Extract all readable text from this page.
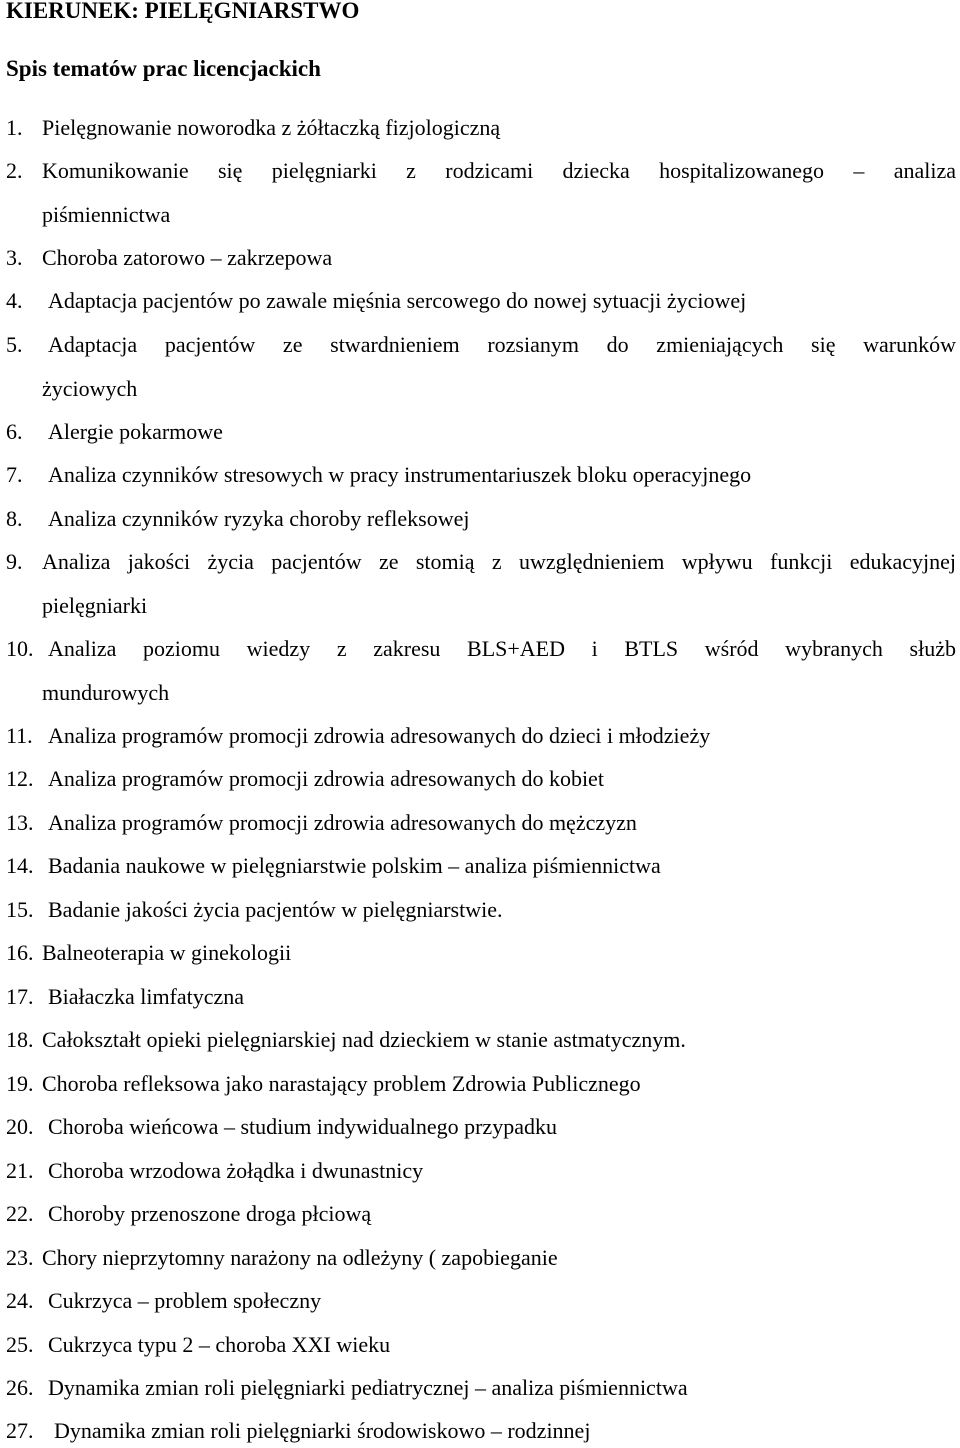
KIERUNEK: PIELĘGNIARSTWO
Spis tematów prac licencjackich
1. Pielęgnowanie noworodka z żółtaczką fizjologiczną
2. Komunikowanie się pielęgniarki z rodzicami dziecka hospitalizowanego – analiza
piśmiennictwa
3. Choroba zatorowo – zakrzepowa
4. Adaptacja pacjentów po zawale mięśnia sercowego do nowej sytuacji życiowej
5. Adaptacja pacjentów ze stwardnieniem rozsianym do zmieniających się warunków
życiowych
6. Alergie pokarmowe
7. Analiza czynników stresowych w pracy instrumentariuszek bloku operacyjnego
8. Analiza czynników ryzyka choroby refleksowej
9. Analiza jakości życia pacjentów ze stomią z uwzględnieniem wpływu funkcji edukacyjnej
pielęgniarki
10. Analiza poziomu wiedzy z zakresu BLS+AED i BTLS wśród wybranych służb
mundurowych
11. Analiza programów promocji zdrowia adresowanych do dzieci i młodzieży
12. Analiza programów promocji zdrowia adresowanych do kobiet
13. Analiza programów promocji zdrowia adresowanych do mężczyzn
14. Badania naukowe w pielęgniarstwie polskim – analiza piśmiennictwa
15. Badanie jakości życia pacjentów w pielęgniarstwie.
16. Balneoterapia w ginekologii
17. Białaczka limfatyczna
18. Całokształt opieki pielęgniarskiej nad dzieckiem w stanie astmatycznym.
19. Choroba refleksowa jako narastający problem Zdrowia Publicznego
20. Choroba wieńcowa – studium indywidualnego przypadku
21. Choroba wrzodowa żołądka i dwunastnicy
22. Choroby przenoszone droga płciową
23. Chory nieprzytomny narażony na odleżyny ( zapobieganie
24. Cukrzyca – problem społeczny
25. Cukrzyca typu 2 – choroba XXI wieku
26. Dynamika zmian roli pielęgniarki pediatrycznej – analiza piśmiennictwa
27. Dynamika zmian roli pielęgniarki środowiskowo – rodzinnej
